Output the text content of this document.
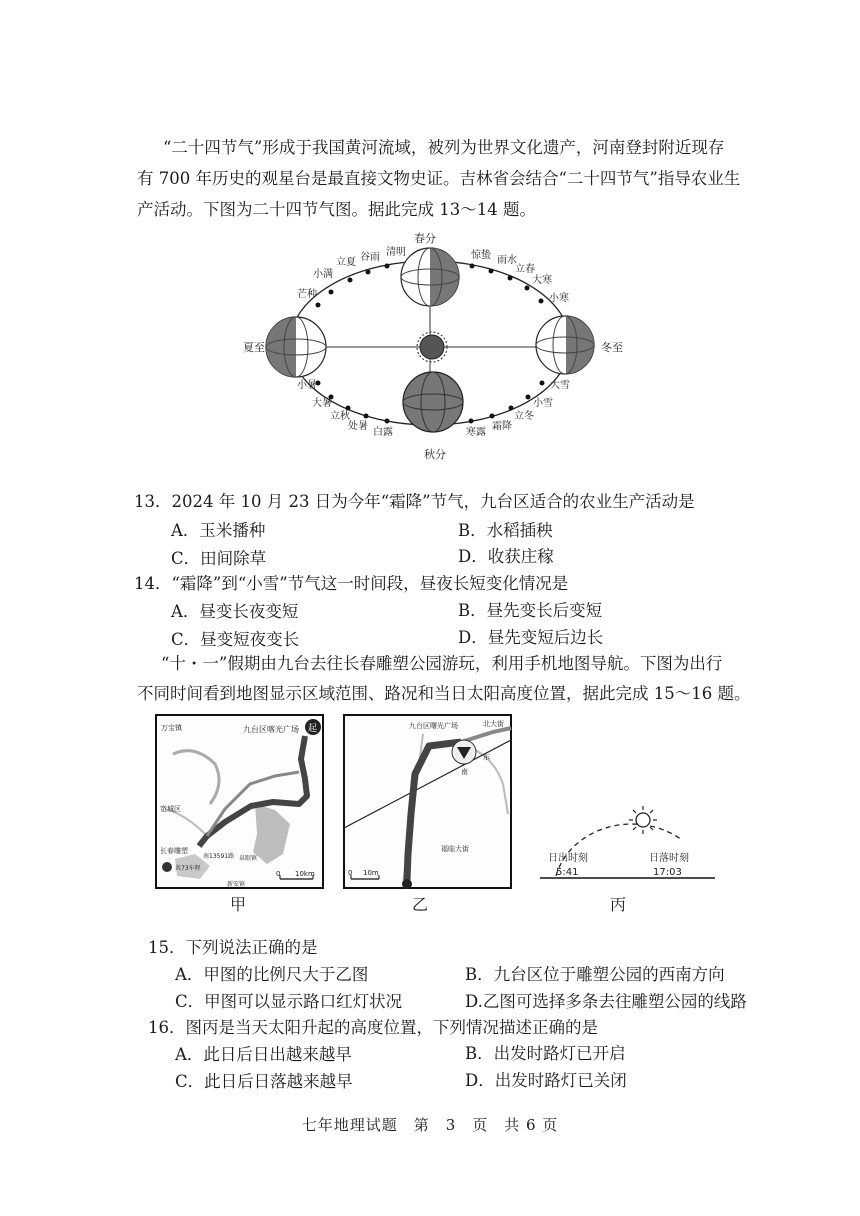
“二十四节气”形成于我国黄河流域，被列为世界文化遗产，河南登封附近现存
有 700 年历史的观星台是最直接文物史证。吉林省会结合“二十四节气”指导农业生
产活动。下图为二十四节气图。据此完成 13～14 题。
春分
夏至
秋分
冬至
清明
谷雨
立夏
小满
芒种
惊蛰 雨水
立春
大寒
小寒
小暑
大暑
立秋
处暑
白露
大雪
小雪
立冬
霜降
寒露
13．2024 年 10 月 23 日为今年“霜降”节气，九台区适合的农业生产活动是
A．玉米播种	B．水稻插秧
C．田间除草	D．收获庄稼
14．“霜降”到“小雪”节气这一时间段，昼夜长短变化情况是
A．昼变长夜变短	B．昼先变长后变短
C．昼变短夜变长	D．昼先变短后边长
“十・一”假期由九台去往长春雕塑公园游玩，利用手机地图导航。下图为出行
不同时间看到地图显示区域范围、路况和当日太阳高度位置，据此完成 15～16 题。
起
九台区喀光广场
万宝镇
宽城区
长春雕塑
南13591路 泉眼镇
共73车程
新安镇
0 10km
九台区曙光广场	北大街
东
南
福临大街
0 10m
日出时刻
5:41
日落时刻
17:03
甲	乙	丙
15．下列说法正确的是
A．甲图的比例尺大于乙图	B．九台区位于雕塑公园的西南方向
C．甲图可以显示路口红灯状况	D.乙图可选择多条去往雕塑公园的线路
16．图丙是当天太阳升起的高度位置，下列情况描述正确的是
A．此日后日出越来越早	B．出发时路灯已开启
C．此日后日落越来越早	D．出发时路灯已关闭
七年地理试题　第　3　页　共 6 页
